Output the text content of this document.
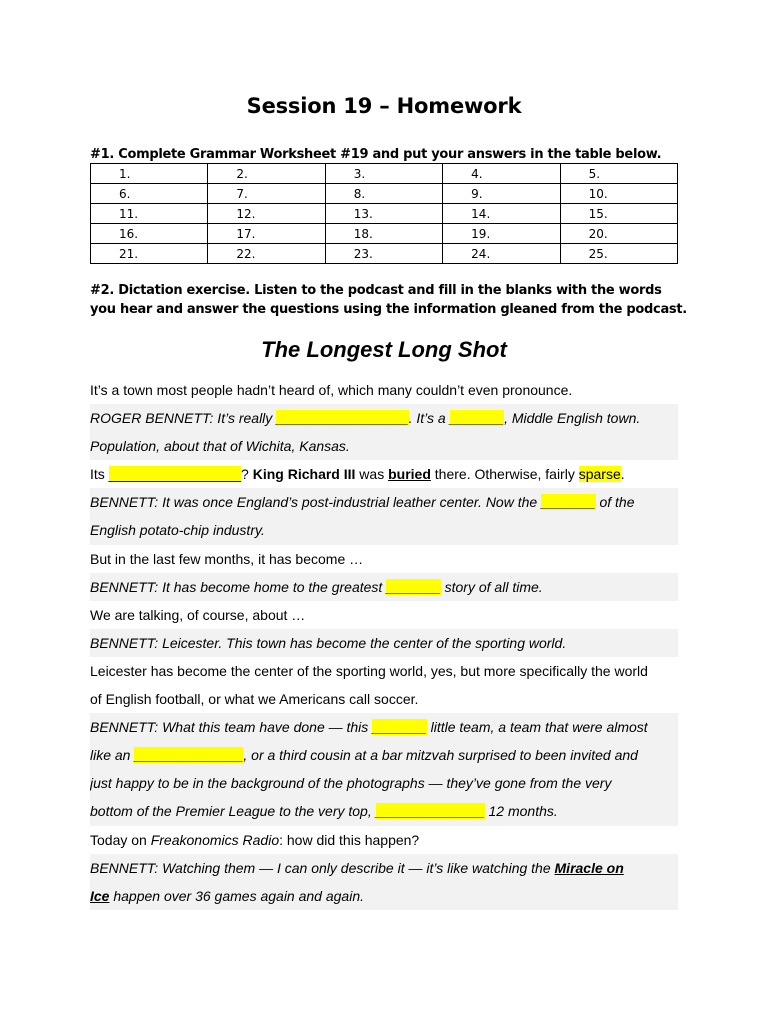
Session 19 – Homework
#1. Complete Grammar Worksheet #19 and put your answers in the table below.
1.	2.	3.	4.	5.
6.	7.	8.	9.	10.
11.	12.	13.	14.	15.
16.	17.	18.	19.	20.
21.	22.	23.	24.	25.
#2. Dictation exercise. Listen to the podcast and fill in the blanks with the words you hear and answer the questions using the information gleaned from the podcast.
The Longest Long Shot
It’s a town most people hadn’t heard of, which many couldn’t even pronounce.
ROGER BENNETT: It’s really _________________. It’s a _______, Middle English town.
Population, about that of Wichita, Kansas.
Its _________________? King Richard III was buried there. Otherwise, fairly sparse.
BENNETT: It was once England’s post-industrial leather center. Now the _______ of the
English potato-chip industry.
But in the last few months, it has become …
BENNETT: It has become home to the greatest _______ story of all time.
We are talking, of course, about …
BENNETT: Leicester. This town has become the center of the sporting world.
Leicester has become the center of the sporting world, yes, but more specifically the world
of English football, or what we Americans call soccer.
BENNETT: What this team have done — this _______ little team, a team that were almost
like an ______________, or a third cousin at a bar mitzvah surprised to been invited and
just happy to be in the background of the photographs — they’ve gone from the very
bottom of the Premier League to the very top, ______________ 12 months.
Today on Freakonomics Radio: how did this happen?
BENNETT: Watching them — I can only describe it — it’s like watching the Miracle on
Ice happen over 36 games again and again.
